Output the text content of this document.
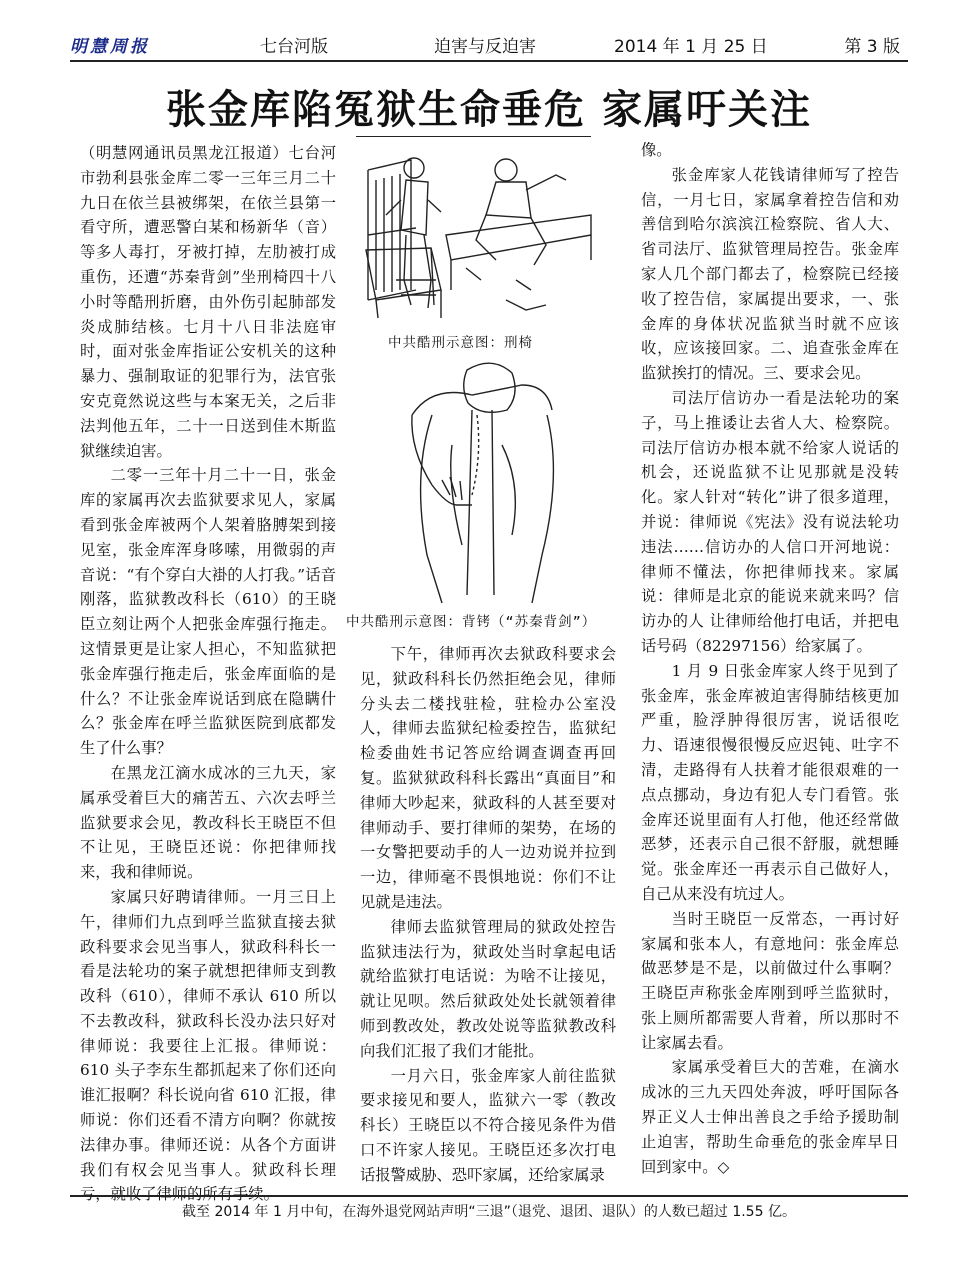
明慧周报	七台河版	迫害与反迫害	2014 年 1 月 25 日	第 3 版
张金库陷冤狱生命垂危 家属吁关注

（明慧网通讯员黑龙江报道）七台河市勃利县张金库二零一三年三月二十九日在依兰县被绑架，在依兰县第一看守所，遭恶警白某和杨新华（音）等多人毒打，牙被打掉，左肋被打成重伤，还遭“苏秦背剑”坐刑椅四十八小时等酷刑折磨，由外伤引起肺部发炎成肺结核。七月十八日非法庭审时，面对张金库指证公安机关的这种暴力、强制取证的犯罪行为，法官张安克竟然说这些与本案无关，之后非法判他五年，二十一日送到佳木斯监狱继续迫害。

二零一三年十月二十一日，张金库的家属再次去监狱要求见人，家属看到张金库被两个人架着胳膊架到接见室，张金库浑身哆嗦，用微弱的声音说：“有个穿白大褂的人打我。”话音刚落，监狱教改科长（610）的王晓臣立刻让两个人把张金库强行拖走。这情景更是让家人担心，不知监狱把张金库强行拖走后，张金库面临的是什么？不让张金库说话到底在隐瞒什么？张金库在呼兰监狱医院到底都发生了什么事？

在黑龙江滴水成冰的三九天，家属承受着巨大的痛苦五、六次去呼兰监狱要求会见，教改科长王晓臣不但不让见，王晓臣还说：你把律师找来，我和律师说。

家属只好聘请律师。一月三日上午，律师们九点到呼兰监狱直接去狱政科要求会见当事人，狱政科科长一看是法轮功的案子就想把律师支到教改科（610），律师不承认 610 所以不去教改科，狱政科长没办法只好对律师说：我要往上汇报。律师说：610 头子李东生都抓起来了你们还向谁汇报啊？科长说向省 610 汇报，律师说：你们还看不清方向啊？你就按法律办事。律师还说：从各个方面讲我们有权会见当事人。狱政科长理亏，就收了律师的所有手续。

中共酷刑示意图：刑椅
中共酷刑示意图：背铐（“苏秦背剑”）

下午，律师再次去狱政科要求会见，狱政科科长仍然拒绝会见，律师分头去二楼找驻检，驻检办公室没人，律师去监狱纪检委控告，监狱纪检委曲姓书记答应给调查调查再回复。监狱狱政科科长露出“真面目”和律师大吵起来，狱政科的人甚至要对律师动手、要打律师的架势，在场的一女警把要动手的人一边劝说并拉到一边，律师毫不畏惧地说：你们不让见就是违法。

律师去监狱管理局的狱政处控告监狱违法行为，狱政处当时拿起电话就给监狱打电话说：为啥不让接见，就让见呗。然后狱政处处长就领着律师到教改处，教改处说等监狱教改科向我们汇报了我们才能批。

一月六日，张金库家人前往监狱要求接见和要人，监狱六一零（教改科长）王晓臣以不符合接见条件为借口不许家人接见。王晓臣还多次打电话报警威胁、恐吓家属，还给家属录

像。

张金库家人花钱请律师写了控告信，一月七日，家属拿着控告信和劝善信到哈尔滨滨江检察院、省人大、省司法厅、监狱管理局控告。张金库家人几个部门都去了，检察院已经接收了控告信，家属提出要求，一、张金库的身体状况监狱当时就不应该收，应该接回家。二、追查张金库在监狱挨打的情况。三、要求会见。

司法厅信访办一看是法轮功的案子，马上推诿让去省人大、检察院。司法厅信访办根本就不给家人说话的机会，还说监狱不让见那就是没转化。家人针对“转化”讲了很多道理，并说：律师说《宪法》没有说法轮功违法……信访办的人信口开河地说：律师不懂法，你把律师找来。家属说：律师是北京的能说来就来吗？信访办的人 让律师给他打电话，并把电话号码（82297156）给家属了。

1 月 9 日张金库家人终于见到了张金库，张金库被迫害得肺结核更加严重，脸浮肿得很厉害，说话很吃力、语速很慢很慢反应迟钝、吐字不清，走路得有人扶着才能很艰难的一点点挪动，身边有犯人专门看管。张金库还说里面有人打他，他还经常做恶梦，还表示自己很不舒服，就想睡觉。张金库还一再表示自己做好人，自己从来没有坑过人。

当时王晓臣一反常态，一再讨好家属和张本人，有意地问：张金库总做恶梦是不是，以前做过什么事啊？王晓臣声称张金库刚到呼兰监狱时，张上厕所都需要人背着，所以那时不让家属去看。

家属承受着巨大的苦难，在滴水成冰的三九天四处奔波，呼吁国际各界正义人士伸出善良之手给予援助制止迫害，帮助生命垂危的张金库早日回到家中。◇

截至 2014 年 1 月中旬，在海外退党网站声明“三退”（退党、退团、退队）的人数已超过 1.55 亿。
